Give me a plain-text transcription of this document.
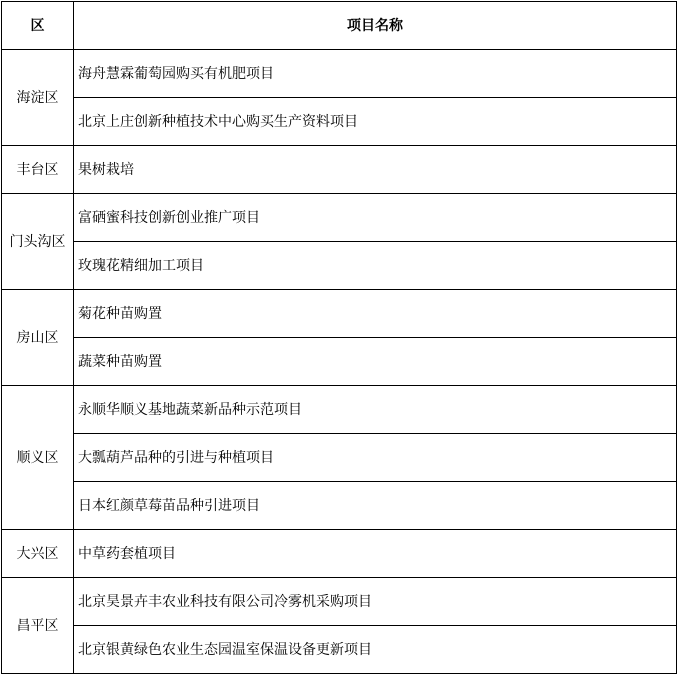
区	项目名称
海淀区	海舟慧霖葡萄园购买有机肥项目
	北京上庄创新种植技术中心购买生产资料项目
丰台区	果树栽培
门头沟区	富硒蜜科技创新创业推广项目
	玫瑰花精细加工项目
房山区	菊花种苗购置
	蔬菜种苗购置
顺义区	永顺华顺义基地蔬菜新品种示范项目
	大瓢葫芦品种的引进与种植项目
	日本红颜草莓苗品种引进项目
大兴区	中草药套植项目
昌平区	北京昊景卉丰农业科技有限公司冷雾机采购项目
	北京银黄绿色农业生态园温室保温设备更新项目
